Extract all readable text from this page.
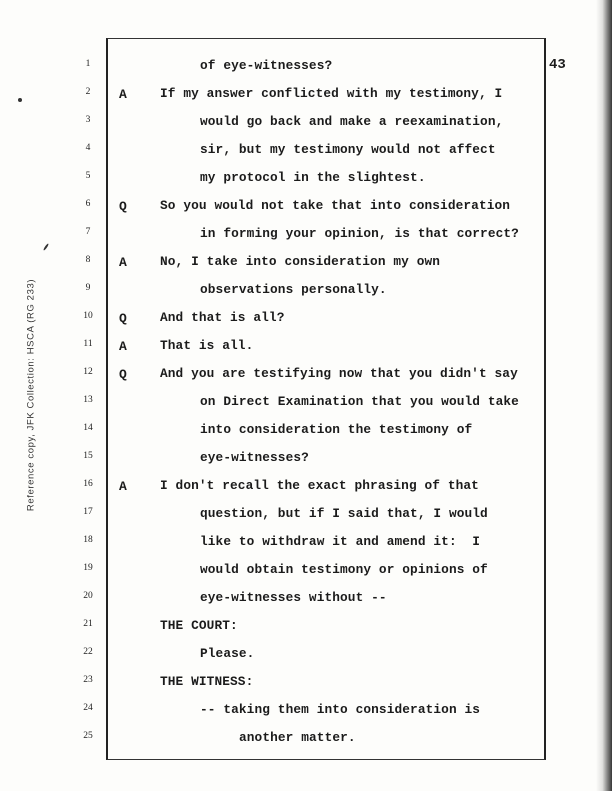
43
Reference copy, JFK Collection: HSCA (RG 233)
1	of eye-witnesses?
2	A	If my answer conflicted with my testimony, I
3	would go back and make a reexamination,
4	sir, but my testimony would not affect
5	my protocol in the slightest.
6	Q	So you would not take that into consideration
7	in forming your opinion, is that correct?
8	A	No, I take into consideration my own
9	observations personally.
10	Q	And that is all?
11	A	That is all.
12	Q	And you are testifying now that you didn't say
13	on Direct Examination that you would take
14	into consideration the testimony of
15	eye-witnesses?
16	A	I don't recall the exact phrasing of that
17	question, but if I said that, I would
18	like to withdraw it and amend it:  I
19	would obtain testimony or opinions of
20	eye-witnesses without --
21	THE COURT:
22	Please.
23	THE WITNESS:
24	-- taking them into consideration is
25	another matter.
